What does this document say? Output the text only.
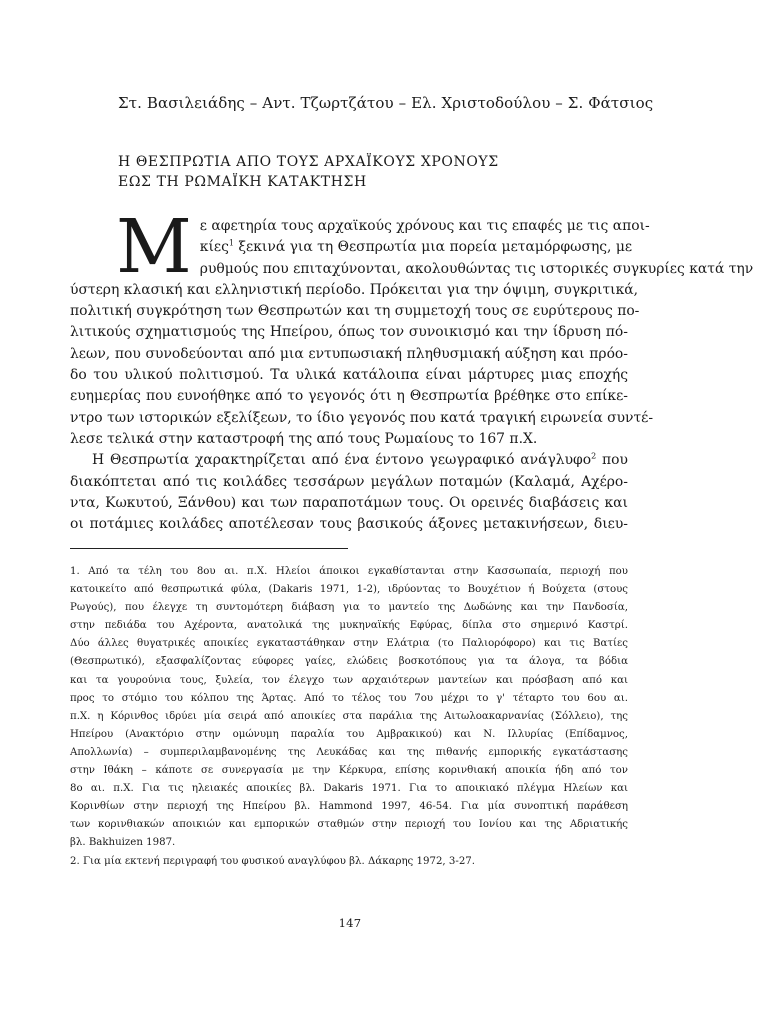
Στ. Βασιλειάδης – Αντ. Τζωρτζάτου – Ελ. Χριστοδούλου – Σ. Φάτσιος
Η ΘΕΣΠΡΩΤΙΑ ΑΠΟ ΤΟΥΣ ΑΡΧΑΪΚΟΥΣ ΧΡΟΝΟΥΣ
ΕΩΣ ΤΗ ΡΩΜΑΪΚΗ ΚΑΤΑΚΤΗΣΗ
Μ ε αφετηρία τους αρχαϊκούς χρόνους και τις επαφές με τις αποι-
κίες$^1$ ξεκινά για τη Θεσπρωτία μια πορεία μεταμόρφωσης, με
ρυθμούς που επιταχύνονται, ακολουθώντας τις ιστορικές συγκυρίες κατά την
ύστερη κλασική και ελληνιστική περίοδο. Πρόκειται για την όψιμη, συγκριτικά,
πολιτική συγκρότηση των Θεσπρωτών και τη συμμετοχή τους σε ευρύτερους πο-
λιτικούς σχηματισμούς της Ηπείρου, όπως τον συνοικισμό και την ίδρυση πό-
λεων, που συνοδεύονται από μια εντυπωσιακή πληθυσμιακή αύξηση και πρόο-
δο του υλικού πολιτισμού. Τα υλικά κατάλοιπα είναι μάρτυρες μιας εποχής
ευημερίας που ευνοήθηκε από το γεγονός ότι η Θεσπρωτία βρέθηκε στο επίκε-
ντρο των ιστορικών εξελίξεων, το ίδιο γεγονός που κατά τραγική ειρωνεία συντέ-
λεσε τελικά στην καταστροφή της από τους Ρωμαίους το 167 π.Χ.
Η Θεσπρωτία χαρακτηρίζεται από ένα έντονο γεωγραφικό ανάγλυφο$^2$ που
διακόπτεται από τις κοιλάδες τεσσάρων μεγάλων ποταμών (Καλαμά, Αχέρο-
ντα, Κωκυτού, Ξάνθου) και των παραποτάμων τους. Οι ορεινές διαβάσεις και
οι ποτάμιες κοιλάδες αποτέλεσαν τους βασικούς άξονες μετακινήσεων, διευ-
1. Από τα τέλη του 8ου αι. π.Χ. Ηλείοι άποικοι εγκαθίστανται στην Κασσωπαία, περιοχή που
κατοικείτο από θεσπρωτικά φύλα, (Dakaris 1971, 1-2), ιδρύοντας το Βουχέτιον ή Βούχετα (στους
Ρωγούς), που έλεγχε τη συντομότερη διάβαση για το μαντείο της Δωδώνης και την Πανδοσία,
στην πεδιάδα του Αχέροντα, ανατολικά της μυκηναϊκής Εφύρας, δίπλα στο σημερινό Καστρί.
Δύο άλλες θυγατρικές αποικίες εγκαταστάθηκαν στην Ελάτρια (το Παλιορόφορο) και τις Βατίες
(Θεσπρωτικό), εξασφαλίζοντας εύφορες γαίες, ελώδεις βοσκοτόπους για τα άλογα, τα βόδια
και τα γουρούνια τους, ξυλεία, τον έλεγχο των αρχαιότερων μαντείων και πρόσβαση από και
προς το στόμιο του κόλπου της Άρτας. Από το τέλος του 7ου μέχρι το γ' τέταρτο του 6ου αι.
π.Χ. η Κόρινθος ιδρύει μία σειρά από αποικίες στα παράλια της Αιτωλοακαρνανίας (Σόλλειο), της
Ηπείρου (Ανακτόριο στην ομώνυμη παραλία του Αμβρακικού) και Ν. Ιλλυρίας (Επίδαμνος,
Απολλωνία) – συμπεριλαμβανομένης της Λευκάδας και της πιθανής εμπορικής εγκατάστασης
στην Ιθάκη – κάποτε σε συνεργασία με την Κέρκυρα, επίσης κορινθιακή αποικία ήδη από τον
8ο αι. π.Χ. Για τις ηλειακές αποικίες βλ. Dakaris 1971. Για το αποικιακό πλέγμα Ηλείων και
Κορινθίων στην περιοχή της Ηπείρου βλ. Hammond 1997, 46-54. Για μία συνοπτική παράθεση
των κορινθιακών αποικιών και εμπορικών σταθμών στην περιοχή του Ιονίου και της Αδριατικής
βλ. Bakhuizen 1987.
2. Για μία εκτενή περιγραφή του φυσικού αναγλύφου βλ. Δάκαρης 1972, 3-27.
147
